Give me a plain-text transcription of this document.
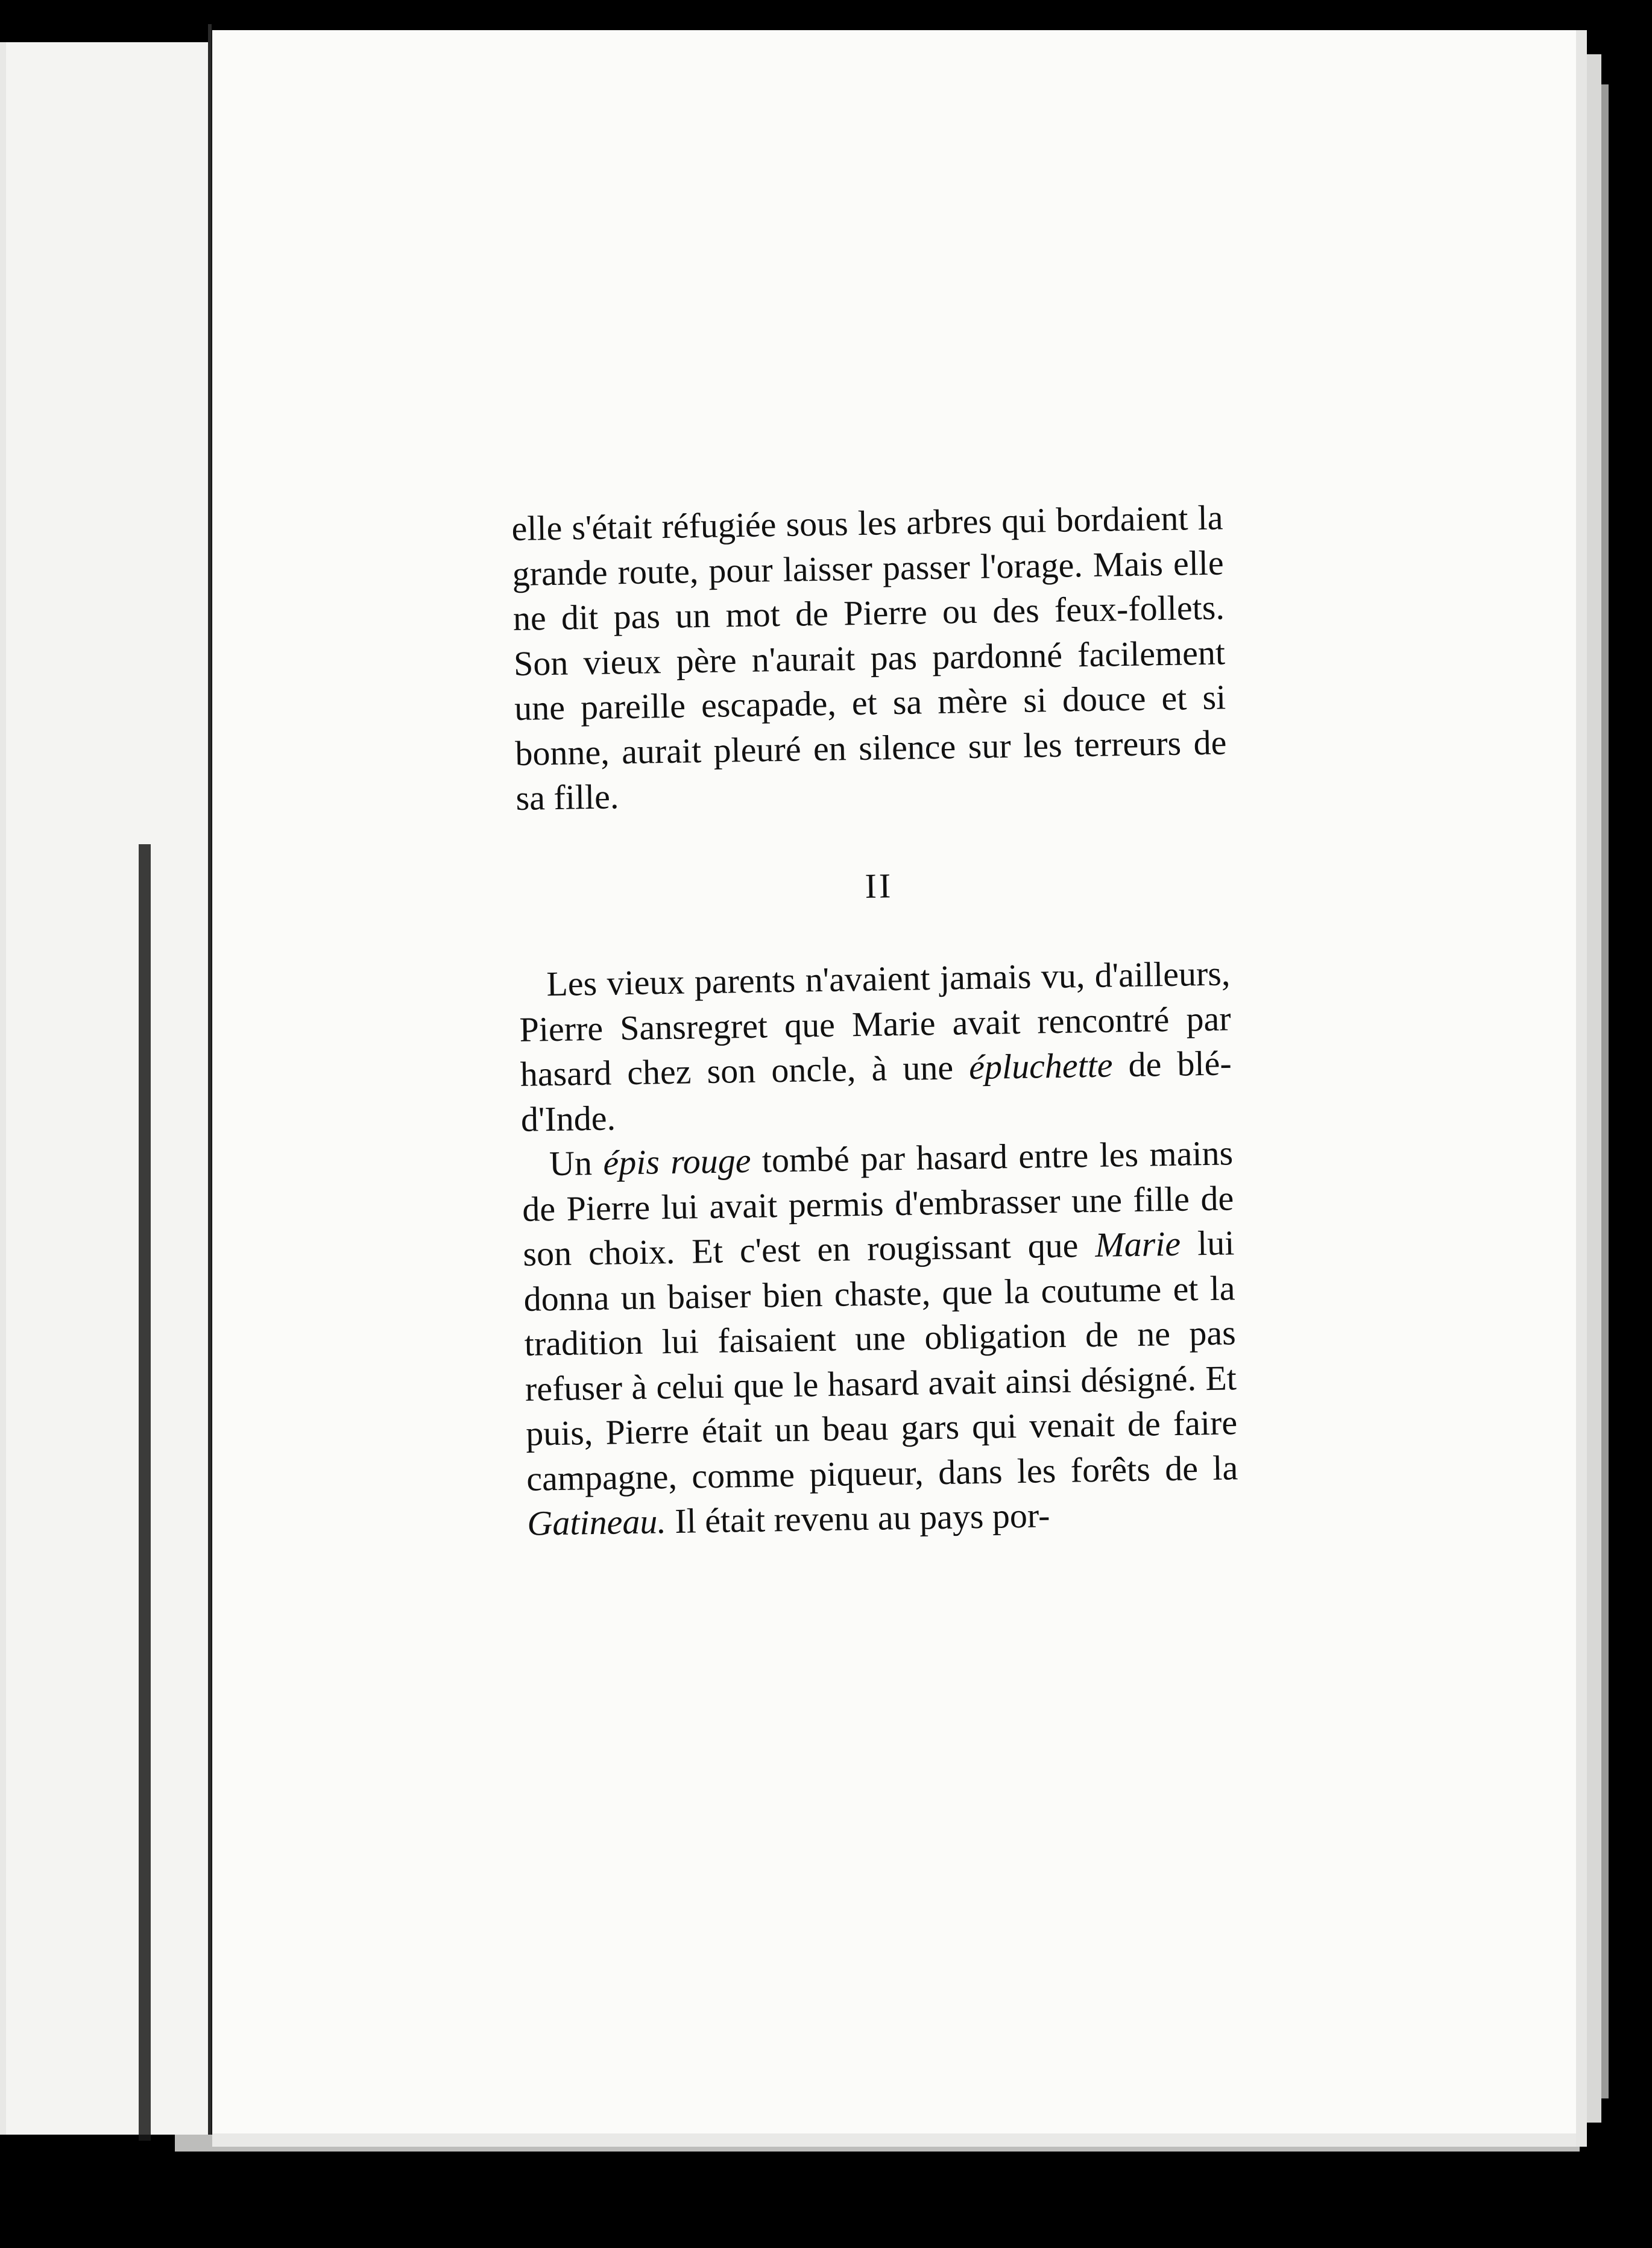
elle s'était réfugiée sous les arbres qui bordaient la grande route, pour laisser passer l'orage. Mais elle ne dit pas un mot de Pierre ou des feux-follets. Son vieux père n'aurait pas pardonné facilement une pareille escapade, et sa mère si douce et si bonne, aurait pleuré en silence sur les terreurs de sa fille.

II

Les vieux parents n'avaient jamais vu, d'ailleurs, Pierre Sansregret que Marie avait rencontré par hasard chez son oncle, à une épluchette de blé-d'Inde.

Un épis rouge tombé par hasard entre les mains de Pierre lui avait permis d'embrasser une fille de son choix. Et c'est en rougissant que Marie lui donna un baiser bien chaste, que la coutume et la tradition lui faisaient une obligation de ne pas refuser à celui que le hasard avait ainsi désigné. Et puis, Pierre était un beau gars qui venait de faire campagne, comme piqueur, dans les forêts de la Gatineau. Il était revenu au pays por-
